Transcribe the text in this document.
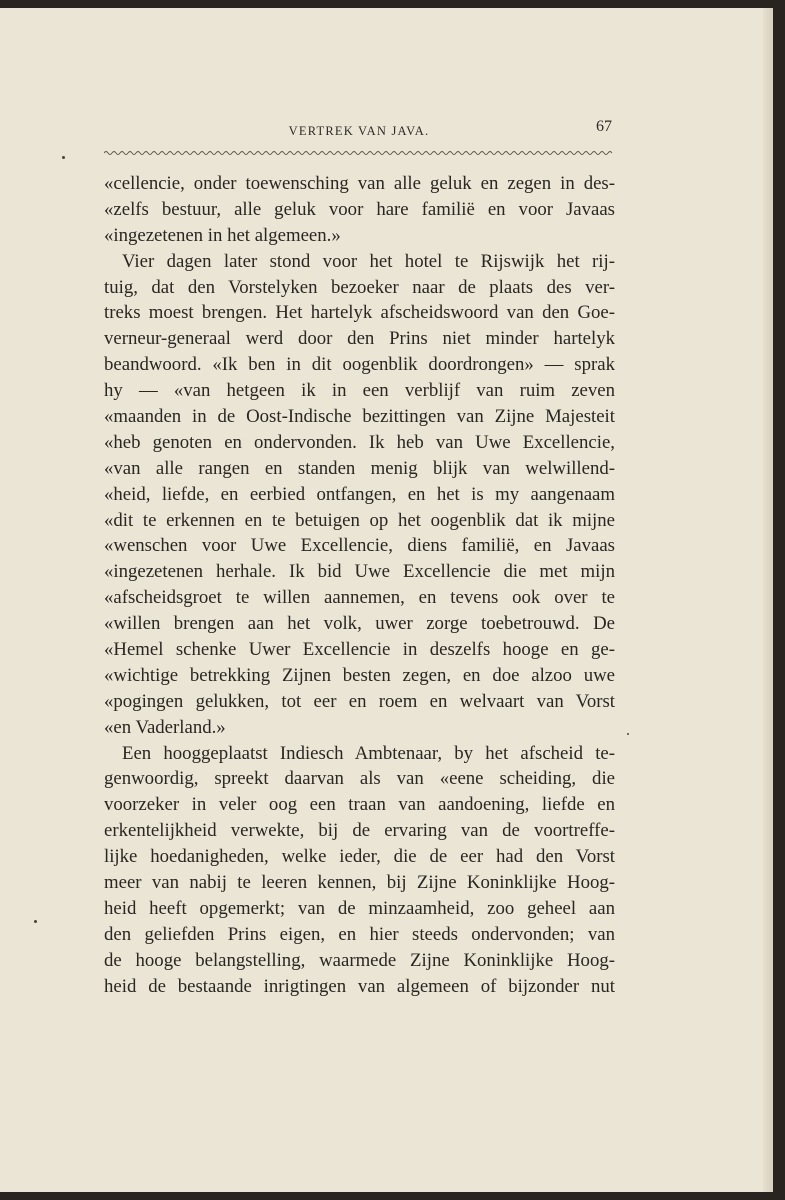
VERTREK VAN JAVA.	67
«cellencie, onder toewensching van alle geluk en zegen in des-
«zelfs bestuur, alle geluk voor hare familië en voor Javaas
«ingezetenen in het algemeen.»
Vier dagen later stond voor het hotel te Rijswijk het rij-
tuig, dat den Vorstelyken bezoeker naar de plaats des ver-
treks moest brengen. Het hartelyk afscheidswoord van den Goe-
verneur-generaal werd door den Prins niet minder hartelyk
beandwoord. «Ik ben in dit oogenblik doordrongen» — sprak
hy — «van hetgeen ik in een verblijf van ruim zeven
«maanden in de Oost-Indische bezittingen van Zijne Majesteit
«heb genoten en ondervonden. Ik heb van Uwe Excellencie,
«van alle rangen en standen menig blijk van welwillend-
«heid, liefde, en eerbied ontfangen, en het is my aangenaam
«dit te erkennen en te betuigen op het oogenblik dat ik mijne
«wenschen voor Uwe Excellencie, diens familië, en Javaas
«ingezetenen herhale. Ik bid Uwe Excellencie die met mijn
«afscheidsgroet te willen aannemen, en tevens ook over te
«willen brengen aan het volk, uwer zorge toebetrouwd. De
«Hemel schenke Uwer Excellencie in deszelfs hooge en ge-
«wichtige betrekking Zijnen besten zegen, en doe alzoo uwe
«pogingen gelukken, tot eer en roem en welvaart van Vorst
«en Vaderland.»
Een hooggeplaatst Indiesch Ambtenaar, by het afscheid te-
genwoordig, spreekt daarvan als van «eene scheiding, die
voorzeker in veler oog een traan van aandoening, liefde en
erkentelijkheid verwekte, bij de ervaring van de voortreffe-
lijke hoedanigheden, welke ieder, die de eer had den Vorst
meer van nabij te leeren kennen, bij Zijne Koninklijke Hoog-
heid heeft opgemerkt; van de minzaamheid, zoo geheel aan
den geliefden Prins eigen, en hier steeds ondervonden; van
de hooge belangstelling, waarmede Zijne Koninklijke Hoog-
heid de bestaande inrigtingen van algemeen of bijzonder nut
